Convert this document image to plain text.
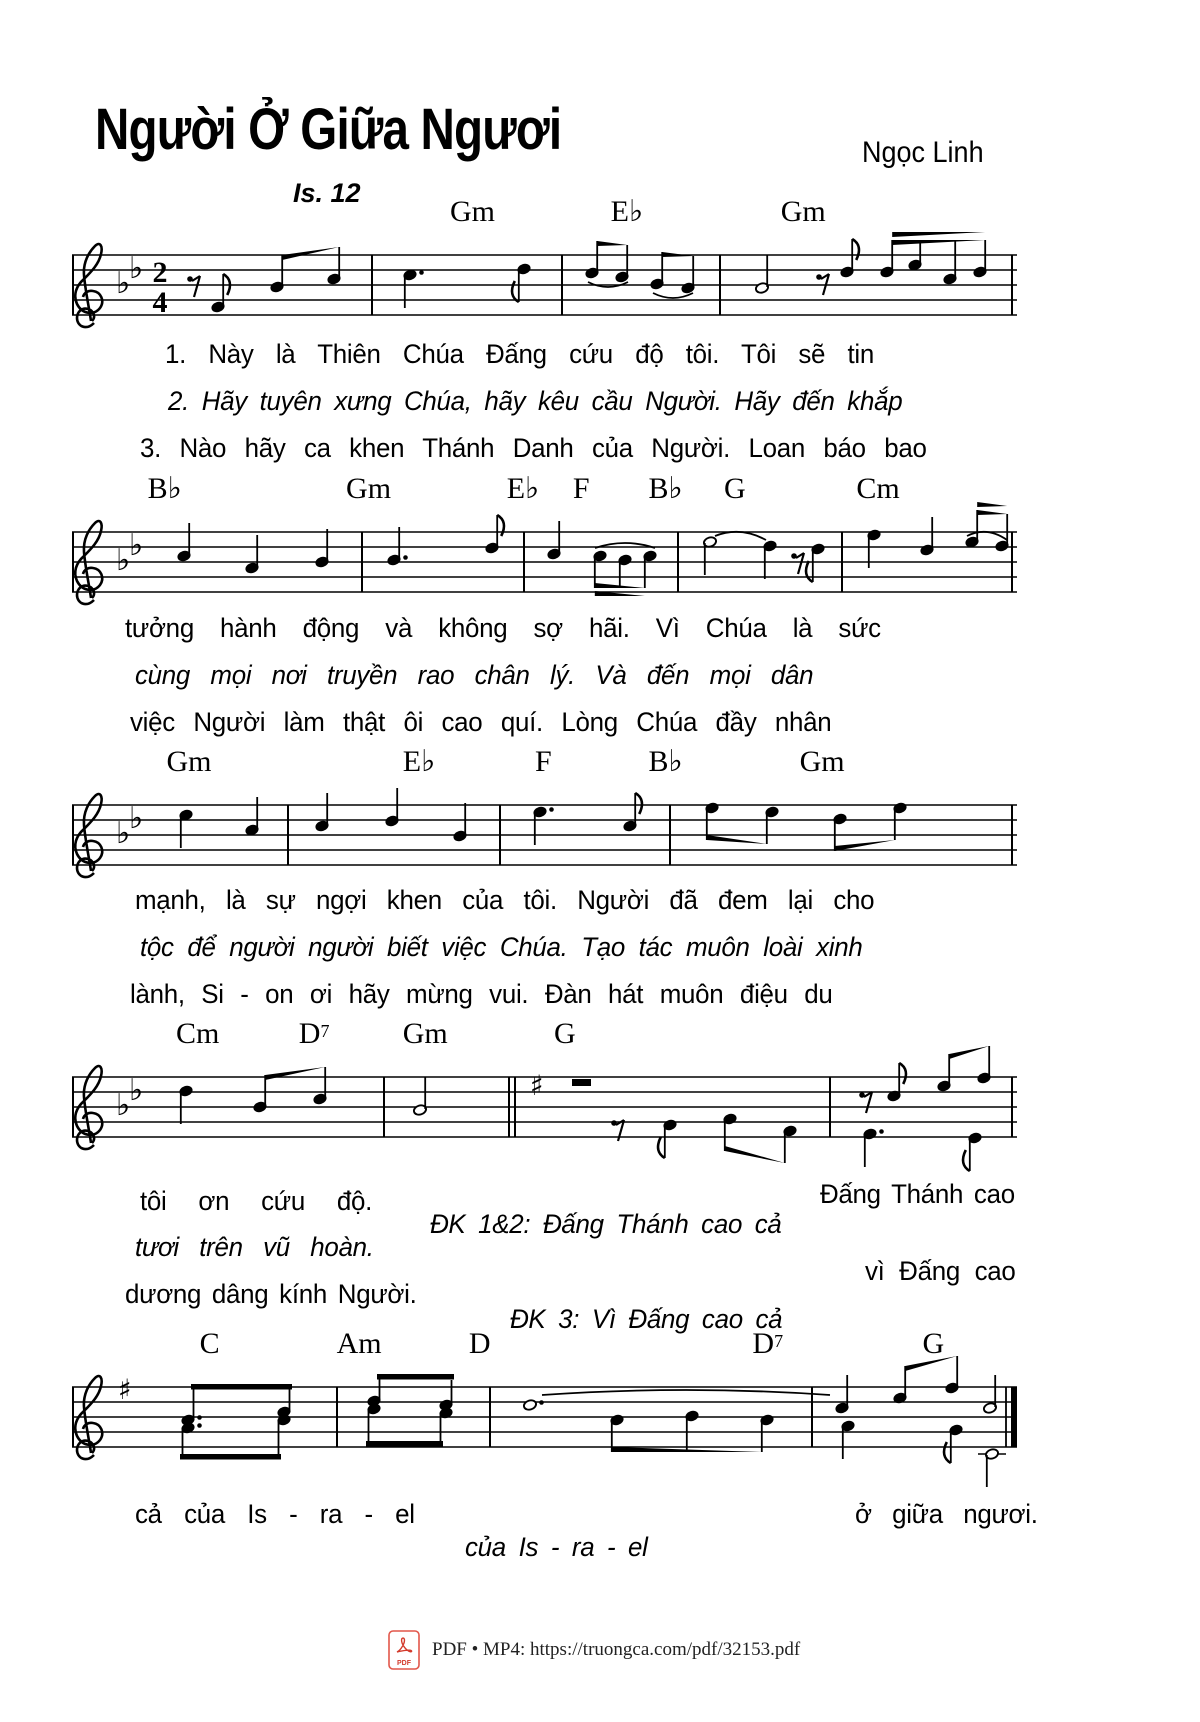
Người Ở Giữa Ngươi	Ngọc Linh
Is. 12
Gm	E♭	Gm
♭
♭ 2
4
B♭	Gm	E♭ F B♭ G	Cm
♭
♭
Gm	E♭	F	B♭	Gm
♭
♭
Cm	$D^7$ Gm	G
♭
♭	♯
C	Am	D	$D^7$	G
♯
1. Này là Thiên Chúa Đấng cứu độ tôi. Tôi sẽ tin
2. Hãy tuyên xưng Chúa, hãy kêu cầu Người. Hãy đến khắp
3. Nào hãy ca khen Thánh Danh của Người. Loan báo bao
tưởng hành động và không sợ hãi. Vì Chúa là sức
cùng mọi nơi truyền rao chân lý. Và đến mọi dân
việc Người làm thật ôi cao quí. Lòng Chúa đầy nhân
mạnh, là sự ngợi khen của tôi. Người đã đem lại cho
tộc để người người biết việc Chúa. Tạo tác muôn loài xinh
lành, Si - on ơi hãy mừng vui. Đàn hát muôn điệu du
tôi ơn cứu độ.	Đấng Thánh cao
ĐK 1&2: Đấng Thánh cao cả
tươi trên vũ hoàn.
vì Đấng cao
dương dâng kính Người.
ĐK 3: Vì Đấng cao cả
cả của Is - ra - el
của Is - ra - el
ở giữa ngươi.
PDF
PDF • MP4: https://truongca.com/pdf/32153.pdf
